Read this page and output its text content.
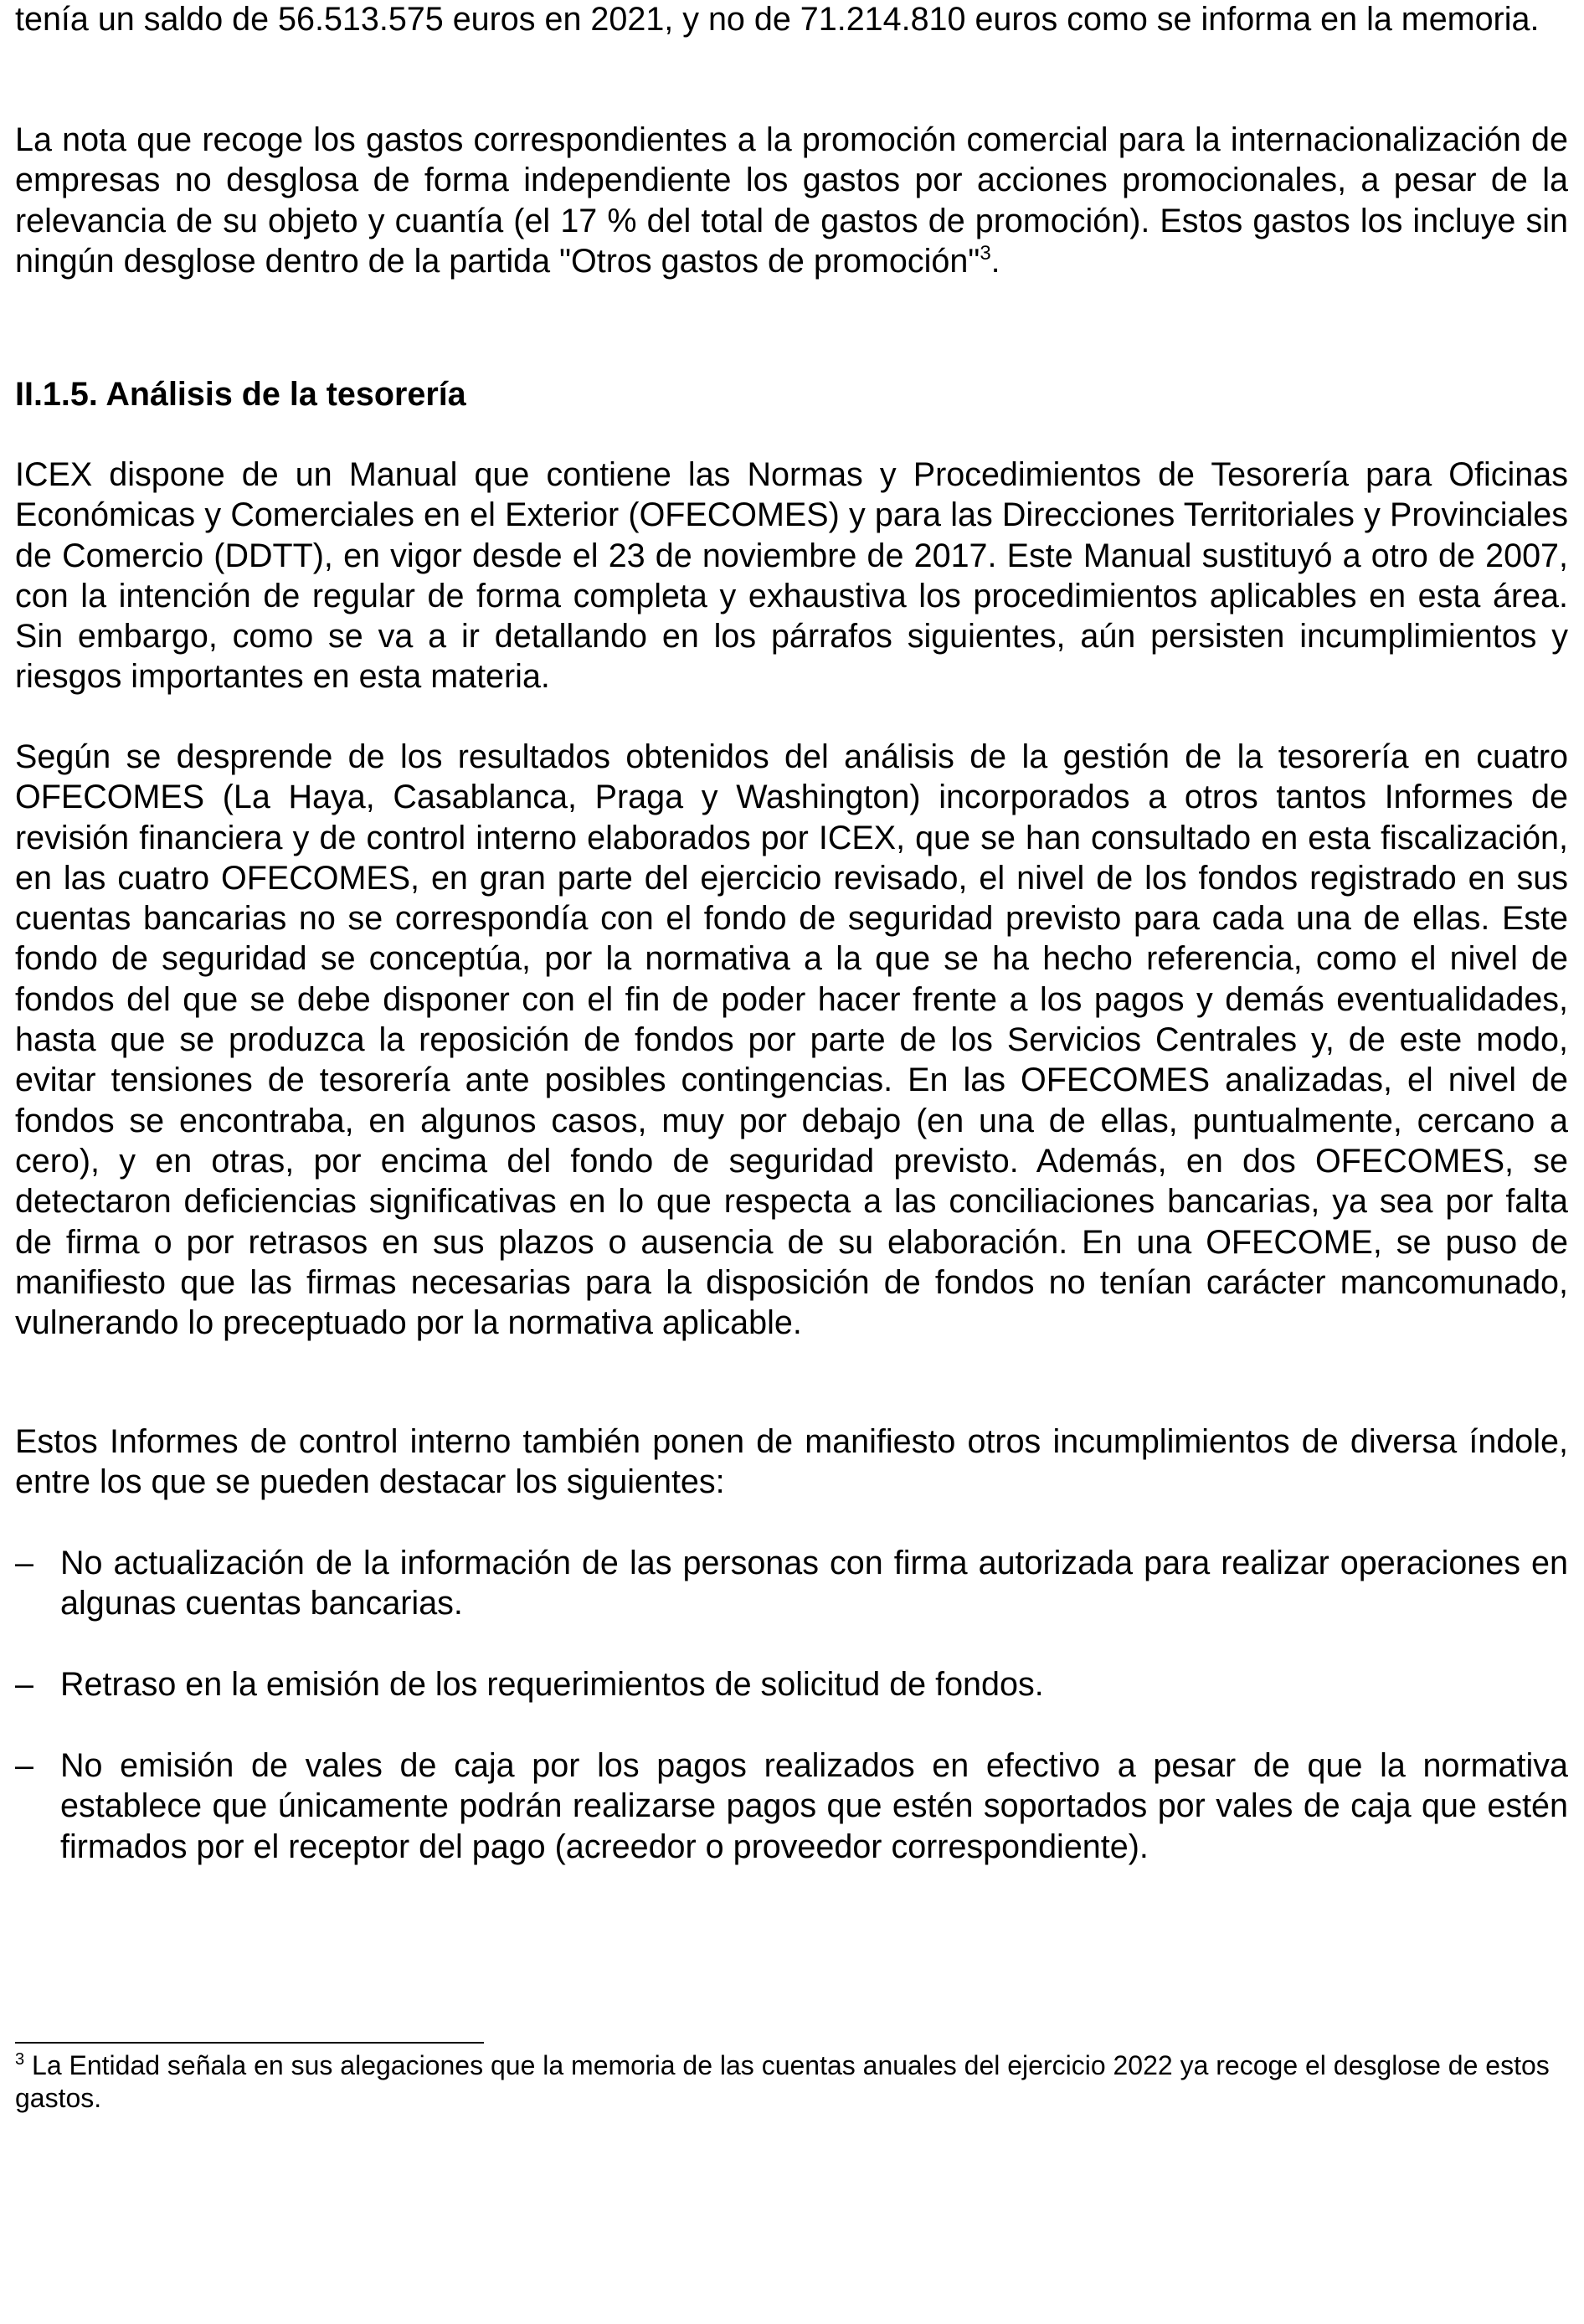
tenía un saldo de 56.513.575 euros en 2021, y no de 71.214.810 euros como se informa en la memoria.

La nota que recoge los gastos correspondientes a la promoción comercial para la internacionalización de empresas no desglosa de forma independiente los gastos por acciones promocionales, a pesar de la relevancia de su objeto y cuantía (el 17 % del total de gastos de promoción). Estos gastos los incluye sin ningún desglose dentro de la partida "Otros gastos de promoción"$^3$.

II.1.5. Análisis de la tesorería

ICEX dispone de un Manual que contiene las Normas y Procedimientos de Tesorería para Oficinas Económicas y Comerciales en el Exterior (OFECOMES) y para las Direcciones Territoriales y Provinciales de Comercio (DDTT), en vigor desde el 23 de noviembre de 2017. Este Manual sustituyó a otro de 2007, con la intención de regular de forma completa y exhaustiva los procedimientos aplicables en esta área. Sin embargo, como se va a ir detallando en los párrafos siguientes, aún persisten incumplimientos y riesgos importantes en esta materia.

Según se desprende de los resultados obtenidos del análisis de la gestión de la tesorería en cuatro OFECOMES (La Haya, Casablanca, Praga y Washington) incorporados a otros tantos Informes de revisión financiera y de control interno elaborados por ICEX, que se han consultado en esta fiscalización, en las cuatro OFECOMES, en gran parte del ejercicio revisado, el nivel de los fondos registrado en sus cuentas bancarias no se correspondía con el fondo de seguridad previsto para cada una de ellas. Este fondo de seguridad se conceptúa, por la normativa a la que se ha hecho referencia, como el nivel de fondos del que se debe disponer con el fin de poder hacer frente a los pagos y demás eventualidades, hasta que se produzca la reposición de fondos por parte de los Servicios Centrales y, de este modo, evitar tensiones de tesorería ante posibles contingencias. En las OFECOMES analizadas, el nivel de fondos se encontraba, en algunos casos, muy por debajo (en una de ellas, puntualmente, cercano a cero), y en otras, por encima del fondo de seguridad previsto. Además, en dos OFECOMES, se detectaron deficiencias significativas en lo que respecta a las conciliaciones bancarias, ya sea por falta de firma o por retrasos en sus plazos o ausencia de su elaboración. En una OFECOME, se puso de manifiesto que las firmas necesarias para la disposición de fondos no tenían carácter mancomunado, vulnerando lo preceptuado por la normativa aplicable.

Estos Informes de control interno también ponen de manifiesto otros incumplimientos de diversa índole, entre los que se pueden destacar los siguientes:

– No actualización de la información de las personas con firma autorizada para realizar operaciones en algunas cuentas bancarias.

– Retraso en la emisión de los requerimientos de solicitud de fondos.

– No emisión de vales de caja por los pagos realizados en efectivo a pesar de que la normativa establece que únicamente podrán realizarse pagos que estén soportados por vales de caja que estén firmados por el receptor del pago (acreedor o proveedor correspondiente).

$^3$ La Entidad señala en sus alegaciones que la memoria de las cuentas anuales del ejercicio 2022 ya recoge el desglose de estos gastos.
